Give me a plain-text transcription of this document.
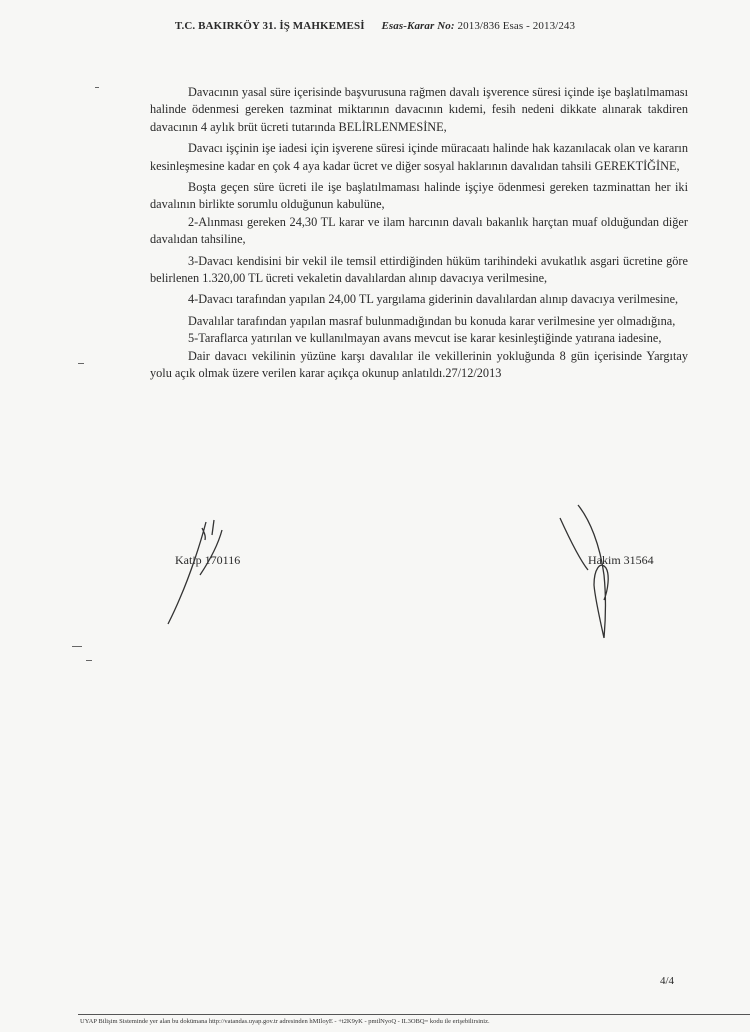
T.C. BAKIRKÖY 31. İŞ MAHKEMESİ Esas-Karar No: 2013/836 Esas - 2013/243

Davacının yasal süre içerisinde başvurusuna rağmen davalı işverence süresi içinde işe başlatılmaması halinde ödenmesi gereken tazminat miktarının davacının kıdemi, fesih nedeni dikkate alınarak takdiren davacının 4 aylık brüt ücreti tutarında BELİRLENMESİNE,

Davacı işçinin işe iadesi için işverene süresi içinde müracaatı halinde hak kazanılacak olan ve kararın kesinleşmesine kadar en çok 4 aya kadar ücret ve diğer sosyal haklarının davalıdan tahsili GEREKTİĞİNE,

Boşta geçen süre ücreti ile işe başlatılmaması halinde işçiye ödenmesi gereken tazminattan her iki davalının birlikte sorumlu olduğunun kabulüne,

2-Alınması gereken 24,30 TL karar ve ilam harcının davalı bakanlık harçtan muaf olduğundan diğer davalıdan tahsiline,

3-Davacı kendisini bir vekil ile temsil ettirdiğinden hüküm tarihindeki avukatlık asgari ücretine göre belirlenen 1.320,00 TL ücreti vekaletin davalılardan alınıp davacıya verilmesine,

4-Davacı tarafından yapılan 24,00 TL yargılama giderinin davalılardan alınıp davacıya verilmesine,

Davalılar tarafından yapılan masraf bulunmadığından bu konuda karar verilmesine yer olmadığına,

5-Taraflarca yatırılan ve kullanılmayan avans mevcut ise karar kesinleştiğinde yatırana iadesine,

Dair davacı vekilinin yüzüne karşı davalılar ile vekillerinin yokluğunda 8 gün içerisinde Yargıtay yolu açık olmak üzere verilen karar açıkça okunup anlatıldı.27/12/2013

Katip 170116	Hakim 31564
4/4
UYAP Bilişim Sisteminde yer alan bu dokümana http://vatandas.uyap.gov.tr adresinden hMIloyE - +t2K9yK - pmtlNyoQ - IL3OBQ= kodu ile erişebilirsiniz.
